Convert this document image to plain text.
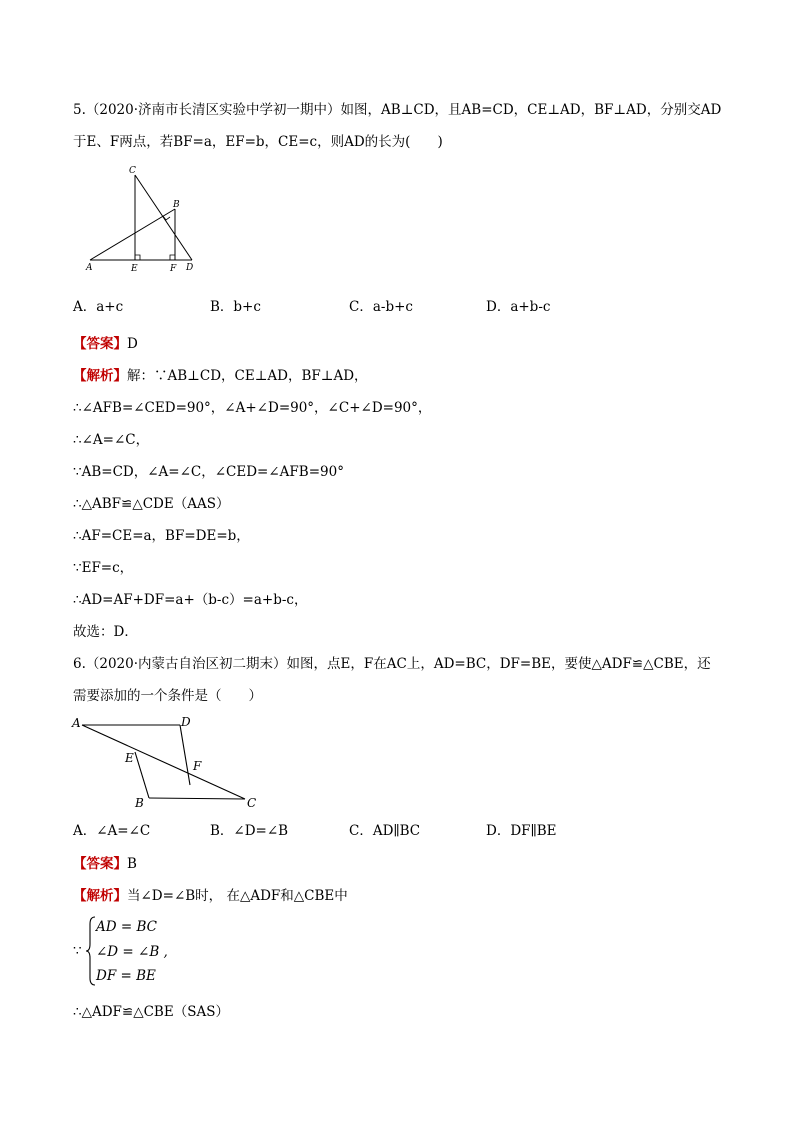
5.（2020·济南市长清区实验中学初一期中）如图，AB⊥CD，且AB=CD，CE⊥AD，BF⊥AD，分别交AD
于E、F两点，若BF=a，EF=b，CE=c，则AD的长为(　　)
C
B
A	E	F D
A．a+c	B．b+c	C．a-b+c	D．a+b-c
【答案】D
【解析】解：∵AB⊥CD，CE⊥AD，BF⊥AD，
∴∠AFB=∠CED=90°，∠A+∠D=90°，∠C+∠D=90°，
∴∠A=∠C，
∵AB=CD，∠A=∠C，∠CED=∠AFB=90°
∴△ABF≌△CDE（AAS）
∴AF=CE=a，BF=DE=b，
∵EF=c，
∴AD=AF+DF=a+（b-c）=a+b-c，
故选：D．
6.（2020·内蒙古自治区初二期末）如图，点E，F在AC上，AD=BC，DF=BE，要使△ADF≌△CBE，还
需要添加的一个条件是（　　）
A	D
E
F
B	C
A．∠A=∠C	B．∠D=∠B	C．AD∥BC	D．DF∥BE
【答案】B
【解析】当∠D=∠B时， 在△ADF和△CBE中
∵
AD = BC
∠D = ∠B ,
DF = BE
∴△ADF≌△CBE（SAS）
